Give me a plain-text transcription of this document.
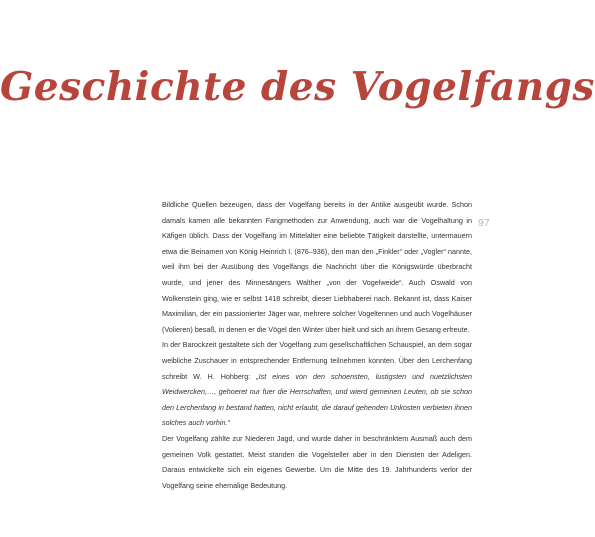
Geschichte des Vogelfangs
97

Bildliche Quellen bezeugen, dass der Vogelfang bereits in der Antike ausgeübt wurde. Schon damals kamen alle bekannten Fangmethoden zur Anwendung, auch war die Vogelhaltung in Käfigen üblich. Dass der Vogelfang im Mittelalter eine beliebte Tätigkeit darstellte, untermauern etwa die Beinamen von König Heinrich I. (876–936), den man den „Finkler“ oder „Vogler“ nannte, weil ihm bei der Ausübung des Vogelfangs die Nachricht über die Königswürde überbracht wurde, und jener des Minnesängers Walther „von der Vogelweide“. Auch Oswald von Wolkenstein ging, wie er selbst 1418 schreibt, dieser Liebhaberei nach. Bekannt ist, dass Kaiser Maximilian, der ein passionierter Jäger war, mehrere solcher Vogeltennen und auch Vogelhäuser (Volieren) besaß, in denen er die Vögel den Winter über hielt und sich an ihrem Gesang erfreute.

In der Barockzeit gestaltete sich der Vogelfang zum gesellschaftlichen Schauspiel, an dem sogar weibliche Zuschauer in entsprechender Entfernung teilnehmen konnten. Über den Lerchenfang schreibt W. H. Hohberg: „Ist eines von den schoensten, lustigsten und nuetzlichsten Weidwercken,…, gehoeret nur fuer die Herrschaften, und wierd gemeinen Leuten, ob sie schon den Lerchenfang in bestand hatten, nicht erlaubt, die darauf gehenden Unkosten verbieten ihnen solches auch vorhin.“

Der Vogelfang zählte zur Niederen Jagd, und wurde daher in beschränktem Ausmaß auch dem gemeinen Volk gestattet. Meist standen die Vogelsteller aber in den Diensten der Adeligen. Daraus entwickelte sich ein eigenes Gewerbe. Um die Mitte des 19. Jahrhunderts verlor der Vogelfang seine ehemalige Bedeutung.
